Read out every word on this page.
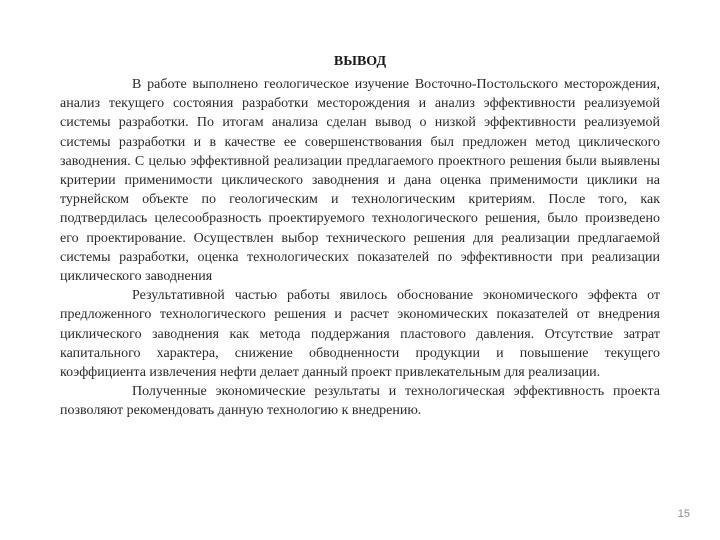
ВЫВОД

В работе выполнено геологическое изучение Восточно-Постольского месторождения, анализ текущего состояния разработки месторождения и анализ эффективности реализуемой системы разработки. По итогам анализа сделан вывод о низкой эффективности реализуемой системы разработки и в качестве ее совершенствования был предложен метод циклического заводнения. С целью эффективной реализации предлагаемого проектного решения были выявлены критерии применимости циклического заводнения и дана оценка применимости циклики на турнейском объекте по геологическим и технологическим критериям. После того, как подтвердилась целесообразность проектируемого технологического решения, было произведено его проектирование. Осуществлен выбор технического решения для реализации предлагаемой системы разработки, оценка технологических показателей по эффективности при реализации циклического заводнения

Результативной частью работы явилось обоснование экономического эффекта от предложенного технологического решения и расчет экономических показателей от внедрения циклического заводнения как метода поддержания пластового давления. Отсутствие затрат капитального характера, снижение обводненности продукции и повышение текущего коэффициента извлечения нефти делает данный проект привлекательным для реализации.

Полученные экономические результаты и технологическая эффективность проекта позволяют рекомендовать данную технологию к внедрению.

15
